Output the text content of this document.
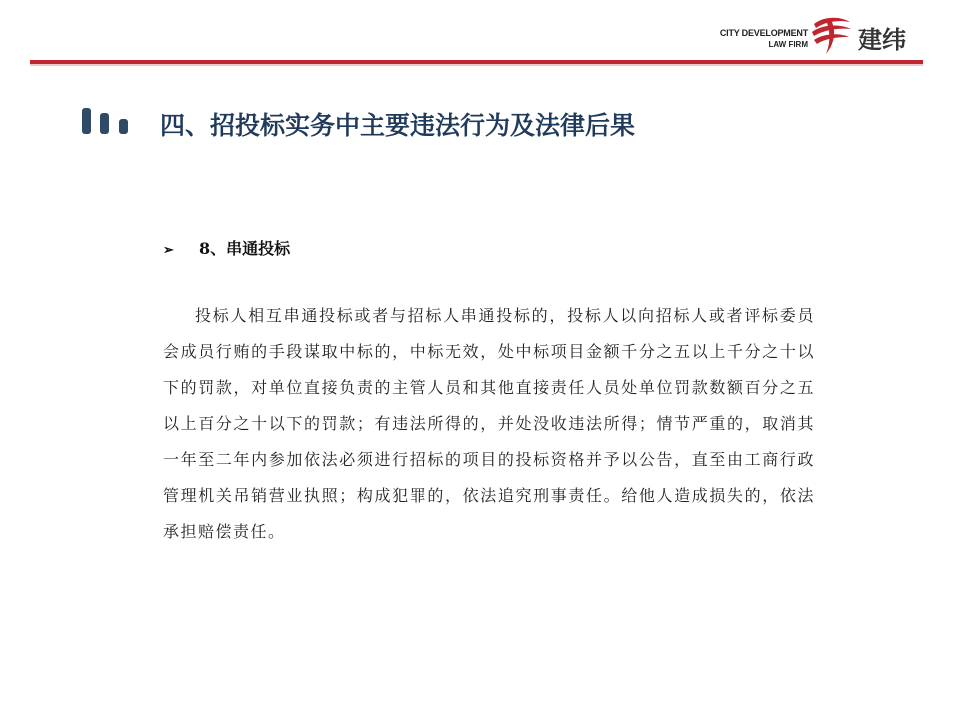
CITY DEVELOPMENT
LAW FIRM 建纬
四、招投标实务中主要违法行为及法律后果
➢ 8、串通投标
投标人相互串通投标或者与招标人串通投标的，投标人以向招标人或者评标委员会成员行贿的手段谋取中标的，中标无效，处中标项目金额千分之五以上千分之十以下的罚款，对单位直接负责的主管人员和其他直接责任人员处单位罚款数额百分之五以上百分之十以下的罚款；有违法所得的，并处没收违法所得；情节严重的，取消其一年至二年内参加依法必须进行招标的项目的投标资格并予以公告，直至由工商行政管理机关吊销营业执照；构成犯罪的，依法追究刑事责任。给他人造成损失的，依法承担赔偿责任。
